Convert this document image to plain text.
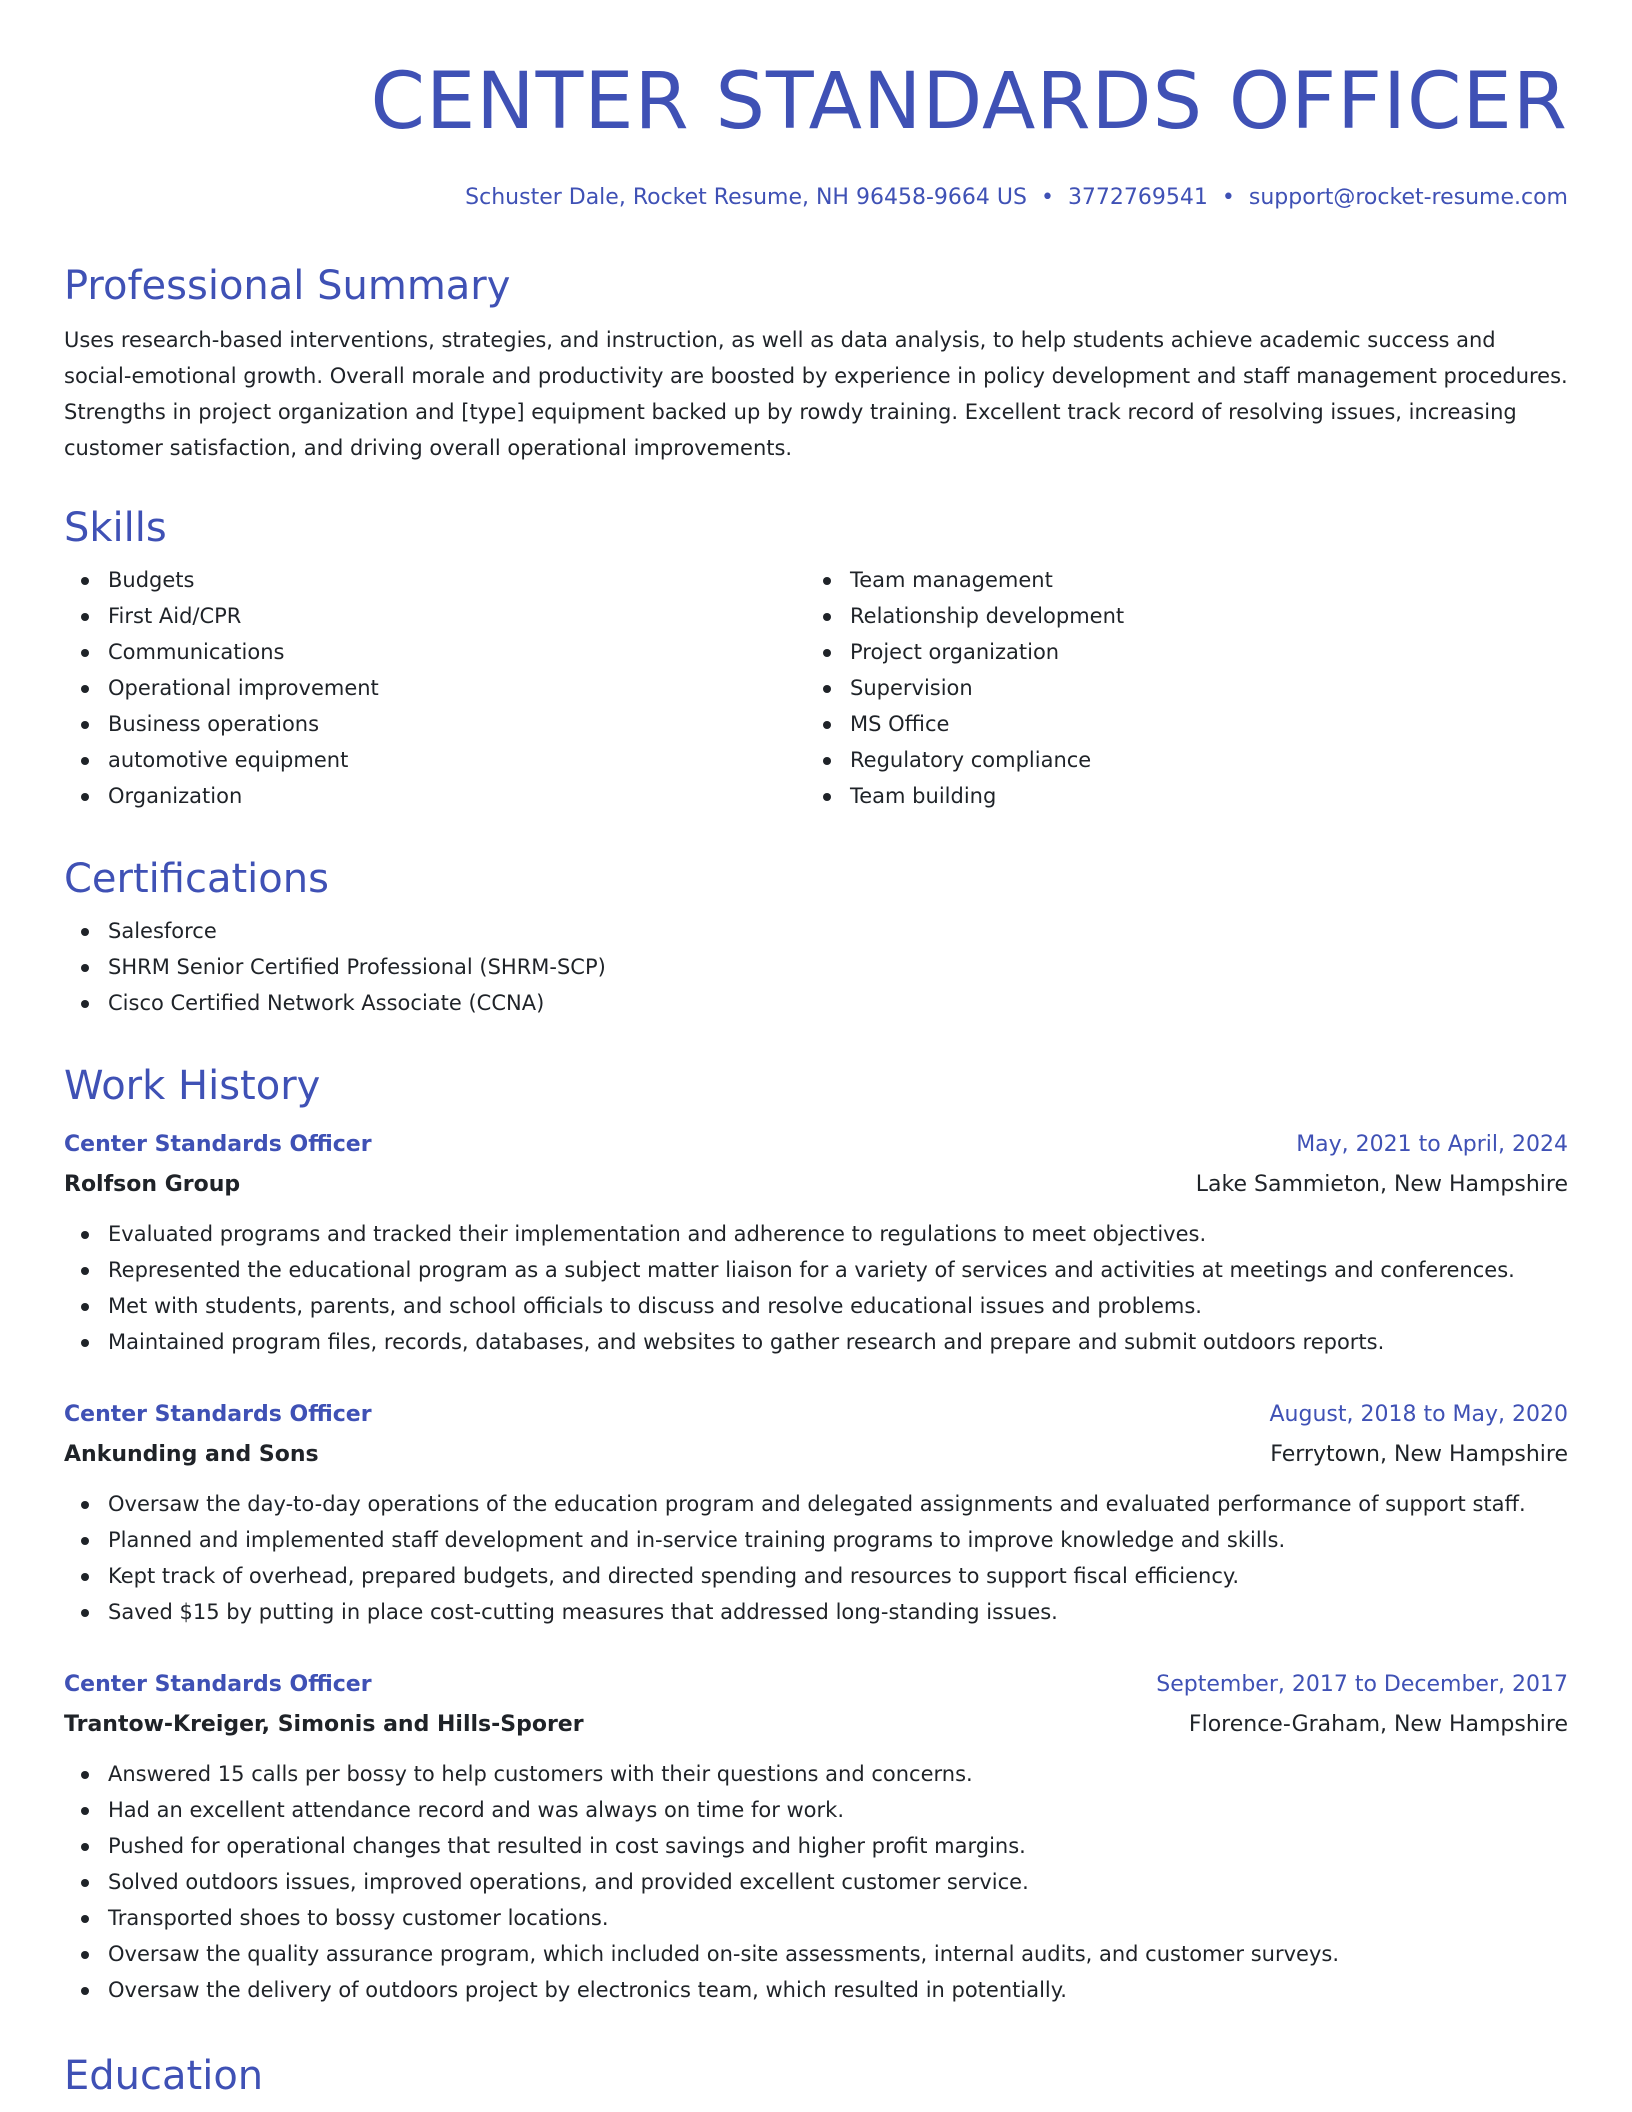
CENTER STANDARDS OFFICER
Schuster Dale, Rocket Resume, NH 96458-9664 US • 3772769541 • support@rocket-resume.com
Professional Summary

Uses research-based interventions, strategies, and instruction, as well as data analysis, to help students achieve academic success and social-emotional growth. Overall morale and productivity are boosted by experience in policy development and staff management procedures. Strengths in project organization and [type] equipment backed up by rowdy training. Excellent track record of resolving issues, increasing customer satisfaction, and driving overall operational improvements.

Skills
Budgets
First Aid/CPR
Communications
Operational improvement
Business operations
automotive equipment
Organization
Team management
Relationship development
Project organization
Supervision
MS Office
Regulatory compliance
Team building
Certifications
Salesforce
SHRM Senior Certified Professional (SHRM-SCP)
Cisco Certified Network Associate (CCNA)
Work History
Center Standards Officer	May, 2021 to April, 2024
Rolfson Group	Lake Sammieton, New Hampshire
Evaluated programs and tracked their implementation and adherence to regulations to meet objectives.
Represented the educational program as a subject matter liaison for a variety of services and activities at meetings and conferences.
Met with students, parents, and school officials to discuss and resolve educational issues and problems.
Maintained program files, records, databases, and websites to gather research and prepare and submit outdoors reports.
Center Standards Officer	August, 2018 to May, 2020
Ankunding and Sons	Ferrytown, New Hampshire
Oversaw the day-to-day operations of the education program and delegated assignments and evaluated performance of support staff.
Planned and implemented staff development and in-service training programs to improve knowledge and skills.
Kept track of overhead, prepared budgets, and directed spending and resources to support fiscal efficiency.
Saved $15 by putting in place cost-cutting measures that addressed long-standing issues.
Center Standards Officer	September, 2017 to December, 2017
Trantow-Kreiger, Simonis and Hills-Sporer	Florence-Graham, New Hampshire
Answered 15 calls per bossy to help customers with their questions and concerns.
Had an excellent attendance record and was always on time for work.
Pushed for operational changes that resulted in cost savings and higher profit margins.
Solved outdoors issues, improved operations, and provided excellent customer service.
Transported shoes to bossy customer locations.
Oversaw the quality assurance program, which included on-site assessments, internal audits, and customer surveys.
Oversaw the delivery of outdoors project by electronics team, which resulted in potentially.
Education
